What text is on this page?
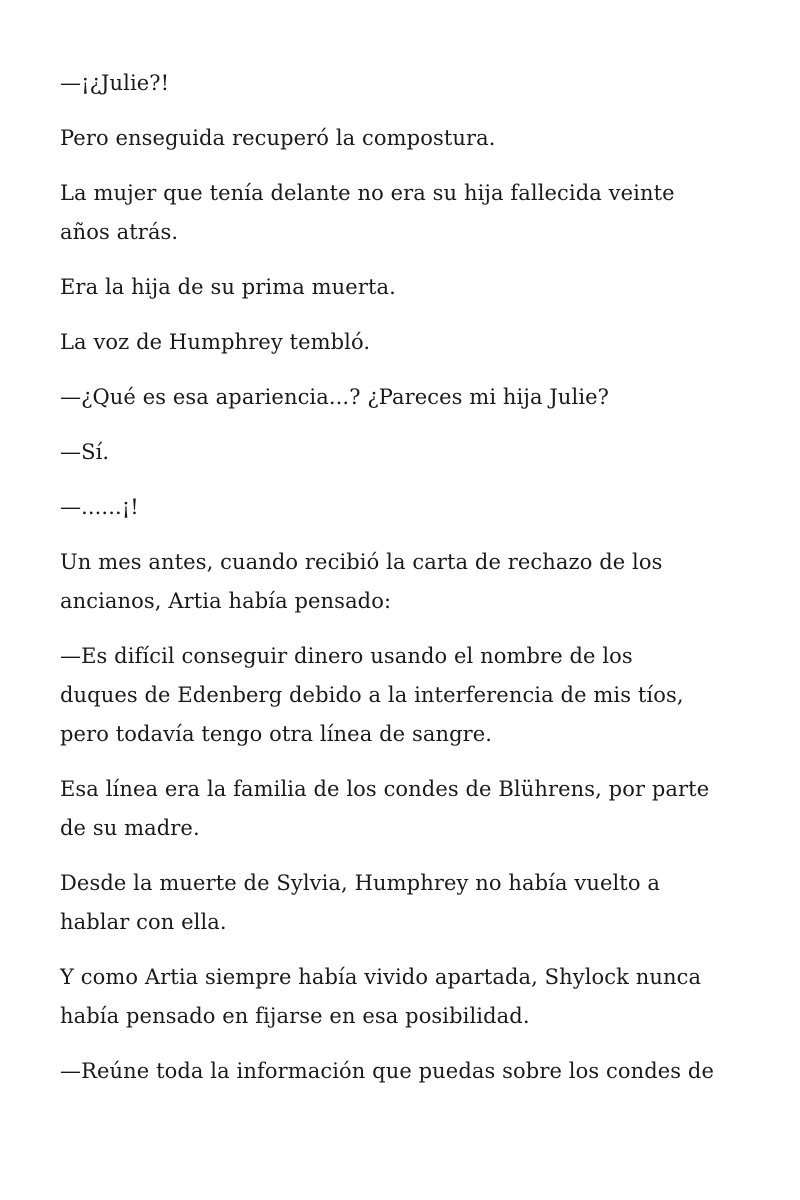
—¡¿Julie?!

Pero enseguida recuperó la compostura.

La mujer que tenía delante no era su hija fallecida veinte
años atrás.

Era la hija de su prima muerta.

La voz de Humphrey tembló.

—¿Qué es esa apariencia...? ¿Pareces mi hija Julie?

—Sí.

—......¡!

Un mes antes, cuando recibió la carta de rechazo de los
ancianos, Artia había pensado:

—Es difícil conseguir dinero usando el nombre de los
duques de Edenberg debido a la interferencia de mis tíos,
pero todavía tengo otra línea de sangre.

Esa línea era la familia de los condes de Blührens, por parte
de su madre.

Desde la muerte de Sylvia, Humphrey no había vuelto a
hablar con ella.

Y como Artia siempre había vivido apartada, Shylock nunca
había pensado en fijarse en esa posibilidad.

—Reúne toda la información que puedas sobre los condes de
